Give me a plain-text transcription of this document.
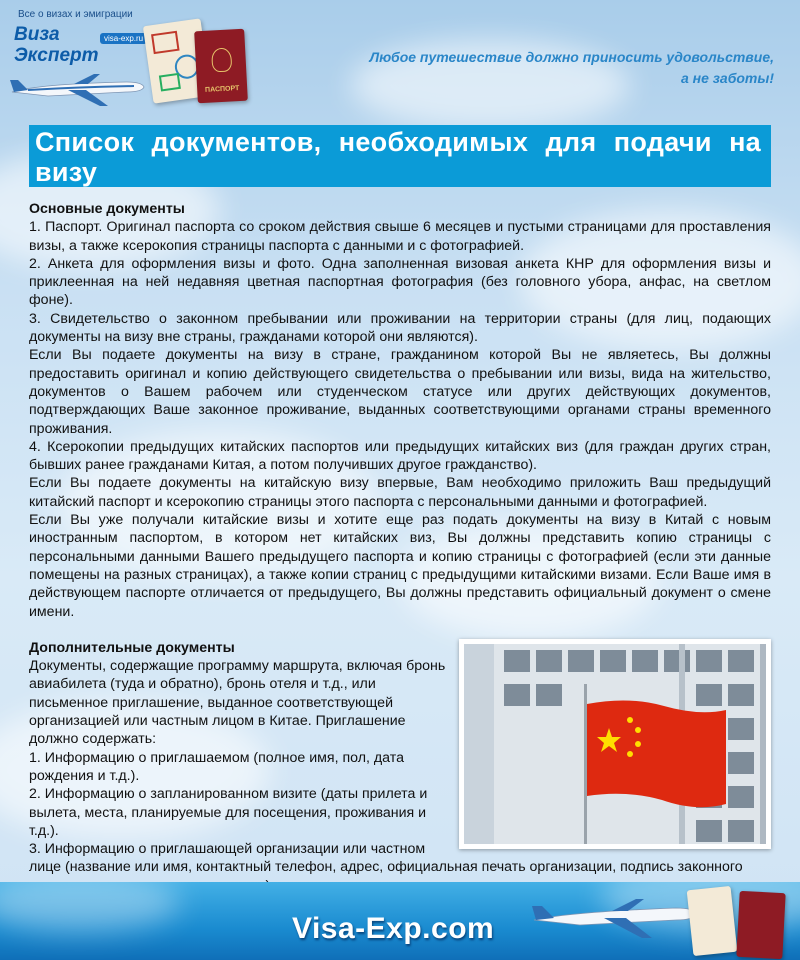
Все о визах и эмиграции
Виза
Эксперт
visa-exp.ru
ПАСПОРТ
Любое путешествие должно приносить удовольствие,
а не заботы!
Список документов, необходимых для подачи на визу

Основные документы

1. Паспорт. Оригинал паспорта со сроком действия свыше 6 месяцев и пустыми страницами для проставления визы, а также ксерокопия страницы паспорта с данными и с фотографией.

2. Анкета для оформления визы и фото. Одна заполненная визовая анкета КНР для оформления визы и приклеенная на ней недавняя цветная паспортная фотография (без головного убора, анфас, на светлом фоне).

3. Свидетельство о законном пребывании или проживании на территории страны (для лиц, подающих документы на визу вне страны, гражданами которой они являются).

Если Вы подаете документы на визу в стране, гражданином которой Вы не являетесь, Вы должны предоставить оригинал и копию действующего свидетельства о пребывании или визы, вида на жительство, документов о Вашем рабочем или студенческом статусе или других действующих документов, подтверждающих Ваше законное проживание, выданных соответствующими органами страны временного проживания.

4. Ксерокопии предыдущих китайских паспортов или предыдущих китайских виз (для граждан других стран, бывших ранее гражданами Китая, а потом получивших другое гражданство).

Если Вы подаете документы на китайскую визу впервые, Вам необходимо приложить Ваш предыдущий китайский паспорт и ксерокопию страницы этого паспорта с персональными данными и фотографией.

Если Вы уже получали китайские визы и хотите еще раз подать документы на визу в Китай с новым иностранным паспортом, в котором нет китайских виз, Вы должны представить копию страницы с персональными данными Вашего предыдущего паспорта и копию страницы с фотографией (если эти данные помещены на разных страницах), а также копии страниц с предыдущими китайскими визами. Если Ваше имя в действующем паспорте отличается от предыдущего, Вы должны представить официальный документ о смене имени.

Дополнительные документы

Документы, содержащие программу маршрута, включая бронь авиабилета (туда и обратно), бронь отеля и т.д., или письменное приглашение, выданное соответствующей организацией или частным лицом в Китае. Приглашение должно содержать:

1. Информацию о приглашаемом (полное имя, пол, дата рождения и т.д.).

2. Информацию о запланированном визите (даты прилета и вылета, места, планируемые для посещения, проживания и т.д.).

3. Информацию о приглашающей организации или частном лице (название или имя, контактный телефон, адрес, официальная печать организации, подпись законного

Visa-Exp.com
